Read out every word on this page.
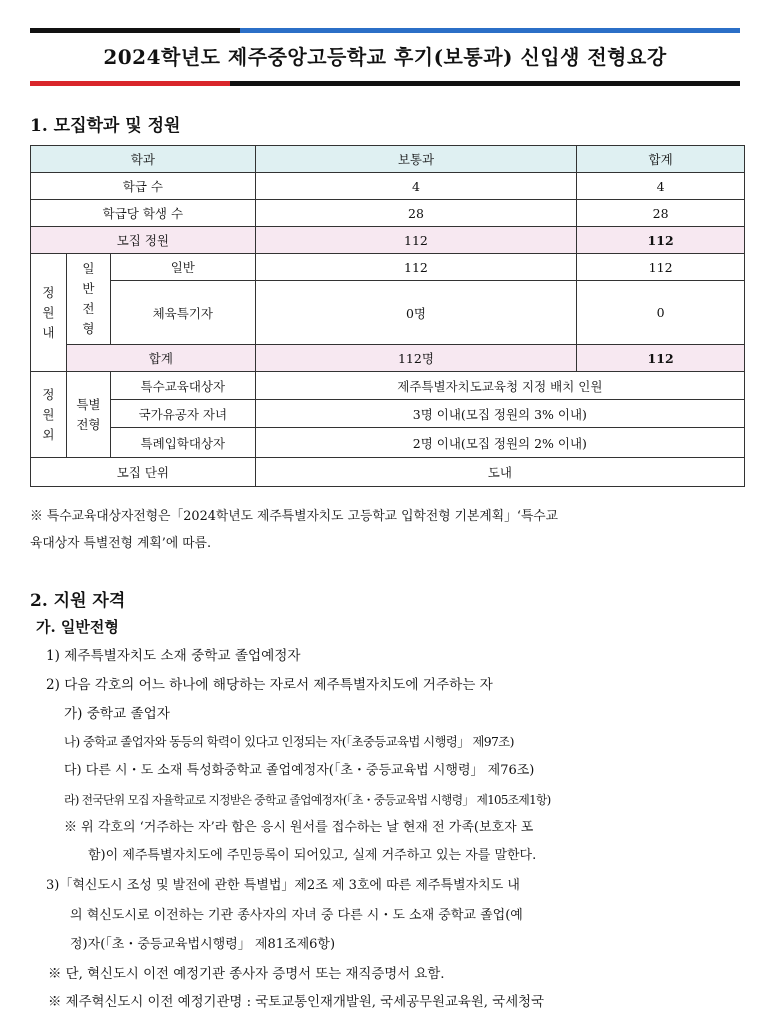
2024학년도 제주중앙고등학교 후기(보통과) 신입생 전형요강
1. 모집학과 및 정원
학과			보통과	합계
학급 수			4	4
학급당 학생 수			28	28
모집 정원			112	112
정원내	일반전형	일반	112	112
		체육특기자	0명	0
	합계		112명	112
정원외	특별전형	특수교육대상자	제주특별자치도교육청 지정 배치 인원	
		국가유공자 자녀	3명 이내(모집 정원의 3% 이내)	
		특례입학대상자	2명 이내(모집 정원의 2% 이내)	
모집 단위			도내	
※ 특수교육대상자전형은「2024학년도 제주특별자치도 고등학교 입학전형 기본계획」‘특수교
육대상자 특별전형 계획’에 따름.
2. 지원 자격
가. 일반전형
1) 제주특별자치도 소재 중학교 졸업예정자
2) 다음 각호의 어느 하나에 해당하는 자로서 제주특별자치도에 거주하는 자
가) 중학교 졸업자
나) 중학교 졸업자와 동등의 학력이 있다고 인정되는 자(「초중등교육법 시행령」 제97조)
다) 다른 시・도 소재 특성화중학교 졸업예정자(「초・중등교육법 시행령」 제76조)
라) 전국단위 모집 자율학교로 지정받은 중학교 졸업예정자(「초・중등교육법 시행령」 제105조제1항)
※ 위 각호의 ‘거주하는 자’라 함은 응시 원서를 접수하는 날 현재 전 가족(보호자 포
함)이 제주특별자치도에 주민등록이 되어있고, 실제 거주하고 있는 자를 말한다.
3)「혁신도시 조성 및 발전에 관한 특별법」제2조 제 3호에 따른 제주특별자치도 내
의 혁신도시로 이전하는 기관 종사자의 자녀 중 다른 시・도 소재 중학교 졸업(예
정)자(「초・중등교육법시행령」 제81조제6항)
※ 단, 혁신도시 이전 예정기관 종사자 증명서 또는 재직증명서 요함.
※ 제주혁신도시 이전 예정기관명 : 국토교통인재개발원, 국세공무원교육원, 국세청국
